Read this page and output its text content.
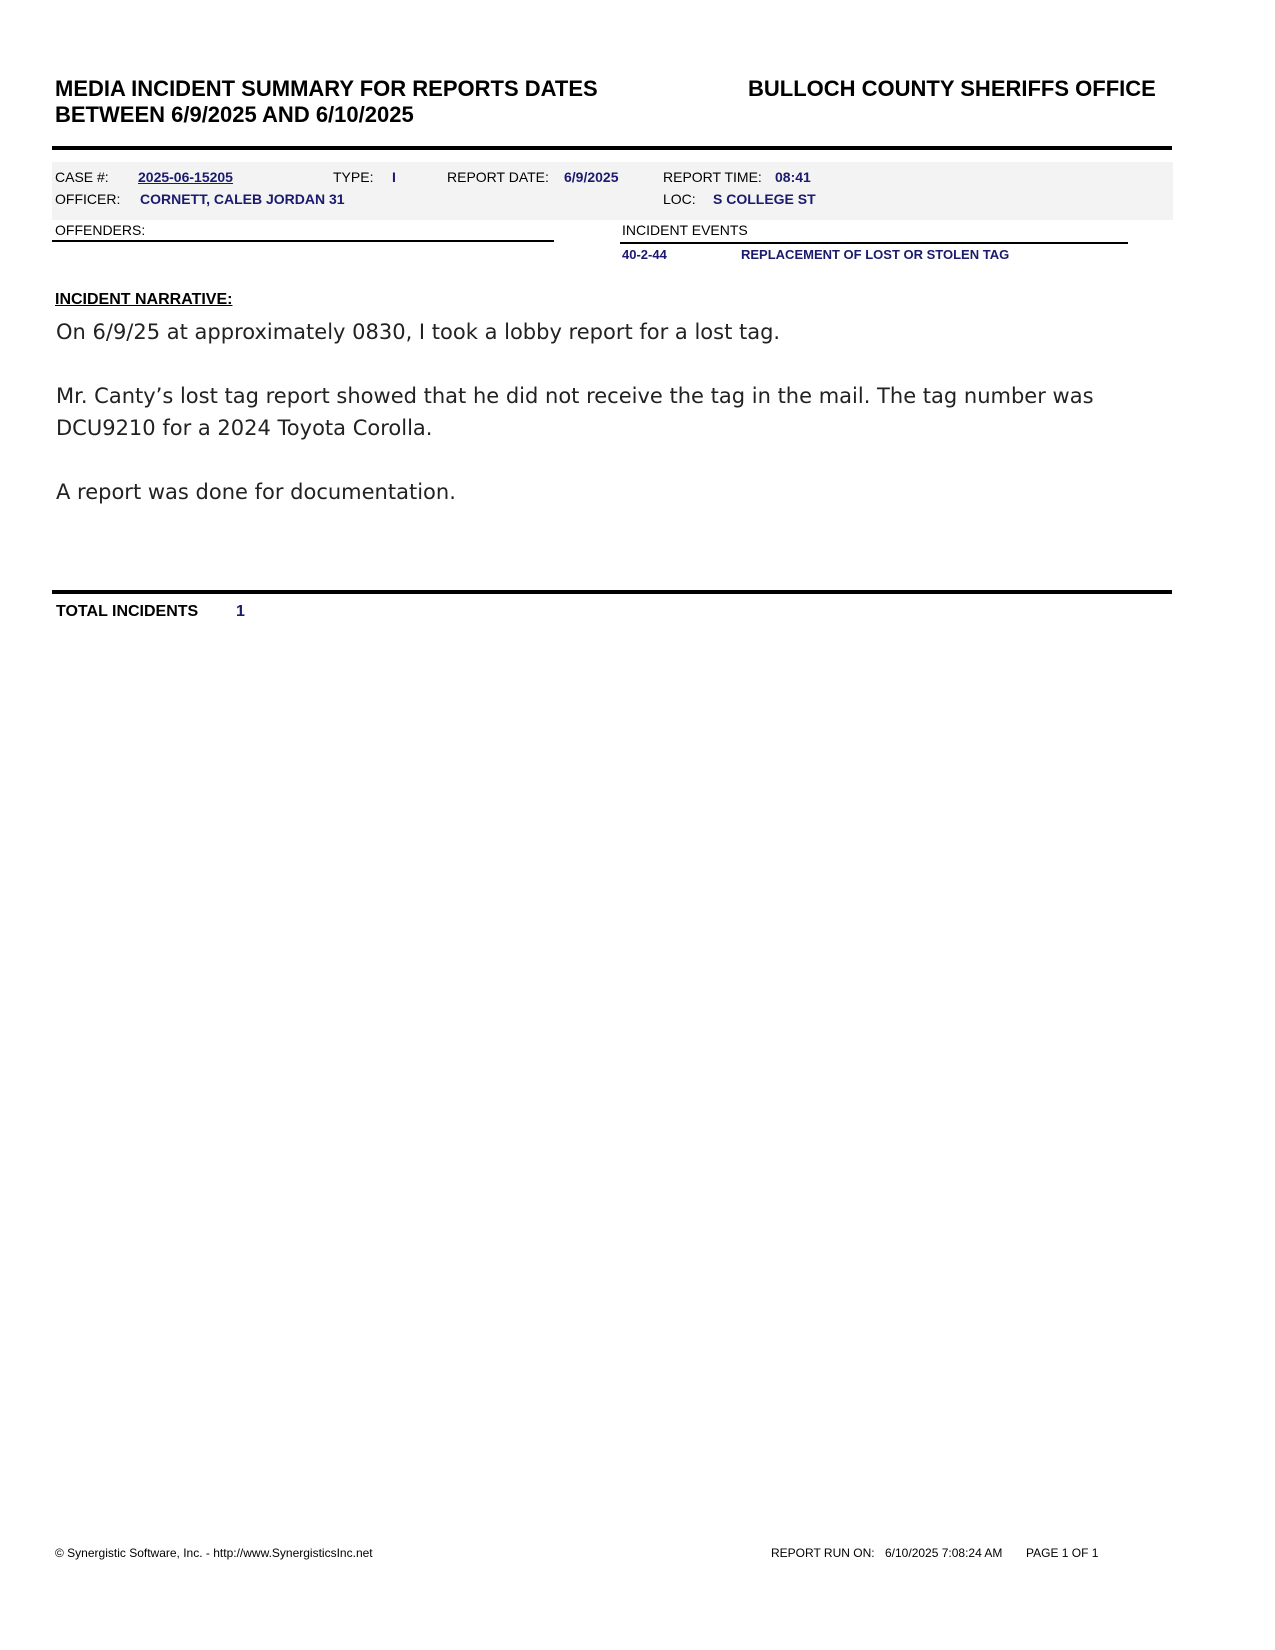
MEDIA INCIDENT SUMMARY FOR REPORTS DATES
BETWEEN 6/9/2025 AND 6/10/2025
BULLOCH COUNTY SHERIFFS OFFICE
CASE #: 2025-06-15205	TYPE: I	REPORT DATE: 6/9/2025	REPORT TIME: 08:41
OFFICER: CORNETT, CALEB JORDAN 31	LOC: S COLLEGE ST
OFFENDERS:	INCIDENT EVENTS
40-2-44	REPLACEMENT OF LOST OR STOLEN TAG
INCIDENT NARRATIVE:

On 6/9/25 at approximately 0830, I took a lobby report for a lost tag.

Mr. Canty’s lost tag report showed that he did not receive the tag in the mail. The tag number was DCU9210 for a 2024 Toyota Corolla.

A report was done for documentation.

TOTAL INCIDENTS 1
© Synergistic Software, Inc. - http://www.SynergisticsInc.net	REPORT RUN ON: 6/10/2025 7:08:24 AM PAGE 1 OF 1
